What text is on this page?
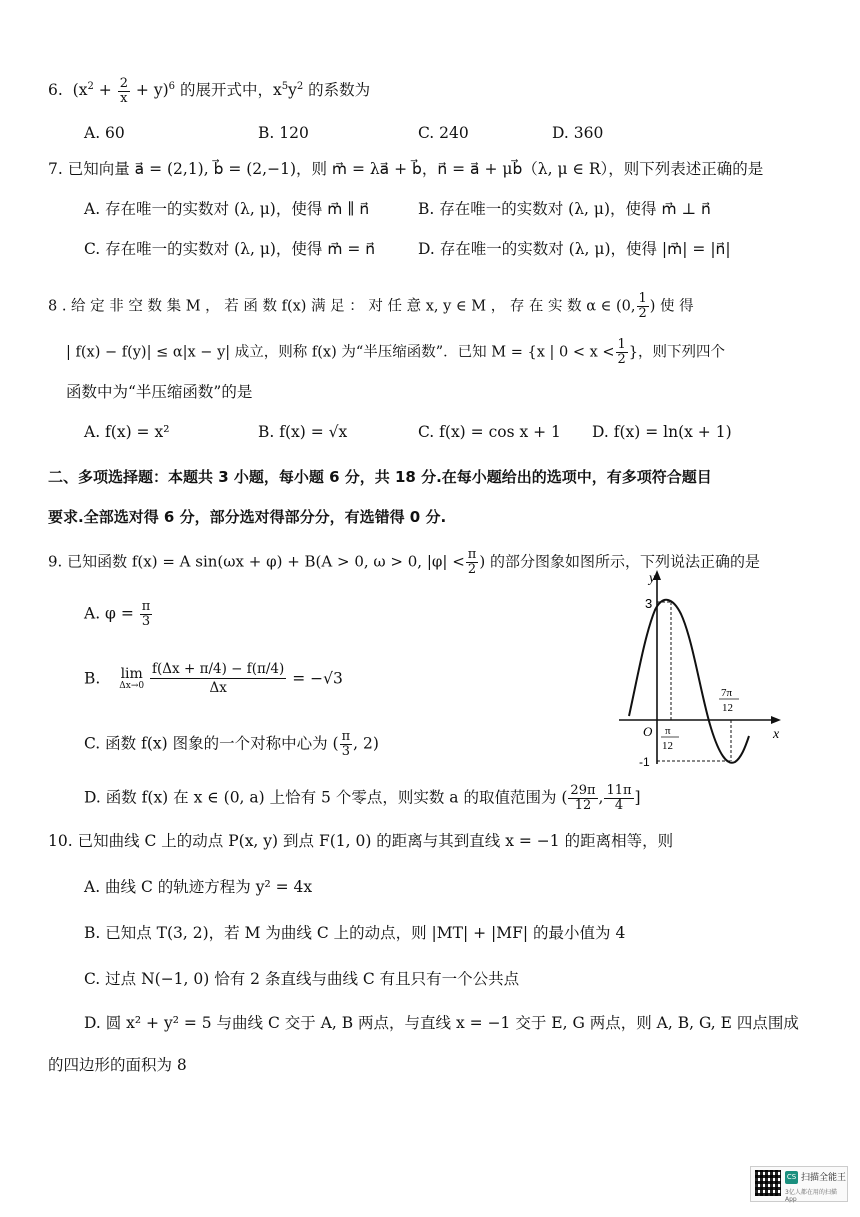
6. $(x^2 + \frac{2}{x} + y)^6$ 的展开式中，$x^5y^2$ 的系数为
A. 60	B. 120	C. 240	D. 360
7. 已知向量 a⃗ = (2,1), b⃗ = (2,−1)，则 m⃗ = λa⃗ + b⃗，n⃗ = a⃗ + μb⃗（λ, μ ∈ R），则下列表述正确的是
A. 存在唯一的实数对 (λ, μ)，使得 m⃗ ∥ n⃗	B. 存在唯一的实数对 (λ, μ)，使得 m⃗ ⊥ n⃗
C. 存在唯一的实数对 (λ, μ)，使得 m⃗ = n⃗	D. 存在唯一的实数对 (λ, μ)，使得 |m⃗| = |n⃗|
8 . 给 定 非 空 数 集 M ， 若 函 数 f(x) 满 足 ： 对 任 意 x, y ∈ M ， 存 在 实 数 α ∈ (0, $\frac{1}{2}$ ) 使 得
| f(x) − f(y)| ≤ α|x − y| 成立，则称 f(x) 为“半压缩函数”．已知 M = {x | $0 < x < \frac{1}{2}$ }，则下列四个
函数中为“半压缩函数”的是
A. f(x) = x²	B. f(x) = √x	C. f(x) = cos x + 1 D. f(x) = ln(x + 1)
二、多项选择题：本题共 3 小题，每小题 6 分，共 18 分.在每小题给出的选项中，有多项符合题目
要求.全部选对得 6 分，部分选对得部分分，有选错得 0 分.
9. 已知函数 f(x) = A sin(ωx + φ) + B(A > 0, ω > 0, $|\varphi| < \frac{\pi}{2}$ ) 的部分图象如图所示，下列说法正确的是
A. $\varphi = \frac{\pi}{3}$
B. lim
Δx→0
$\frac{f(\Delta x + \pi/4) - f(\pi/4)}{\Delta x} = -√3$
C. 函数 f(x) 图象的一个对称中心为 ( $\frac{\pi}{3}$ , 2)
D. 函数 f(x) 在 x ∈ (0, a) 上恰有 5 个零点，则实数 a 的取值范围为 ( $\frac{29\pi}{12}$ , $\frac{11\pi}{4}$ ]
y
x
3
O
-1
π
12
7π
12
10. 已知曲线 C 上的动点 P(x, y) 到点 F(1, 0) 的距离与其到直线 x = −1 的距离相等，则
A. 曲线 C 的轨迹方程为 y² = 4x
B. 已知点 T(3, 2)，若 M 为曲线 C 上的动点，则 |MT| + |MF| 的最小值为 4
C. 过点 N(−1, 0) 恰有 2 条直线与曲线 C 有且只有一个公共点
D. 圆 x² + y² = 5 与曲线 C 交于 A, B 两点，与直线 x = −1 交于 E, G 两点，则 A, B, G, E 四点围成
的四边形的面积为 8
CS 扫描全能王
3亿人都在用的扫描App
